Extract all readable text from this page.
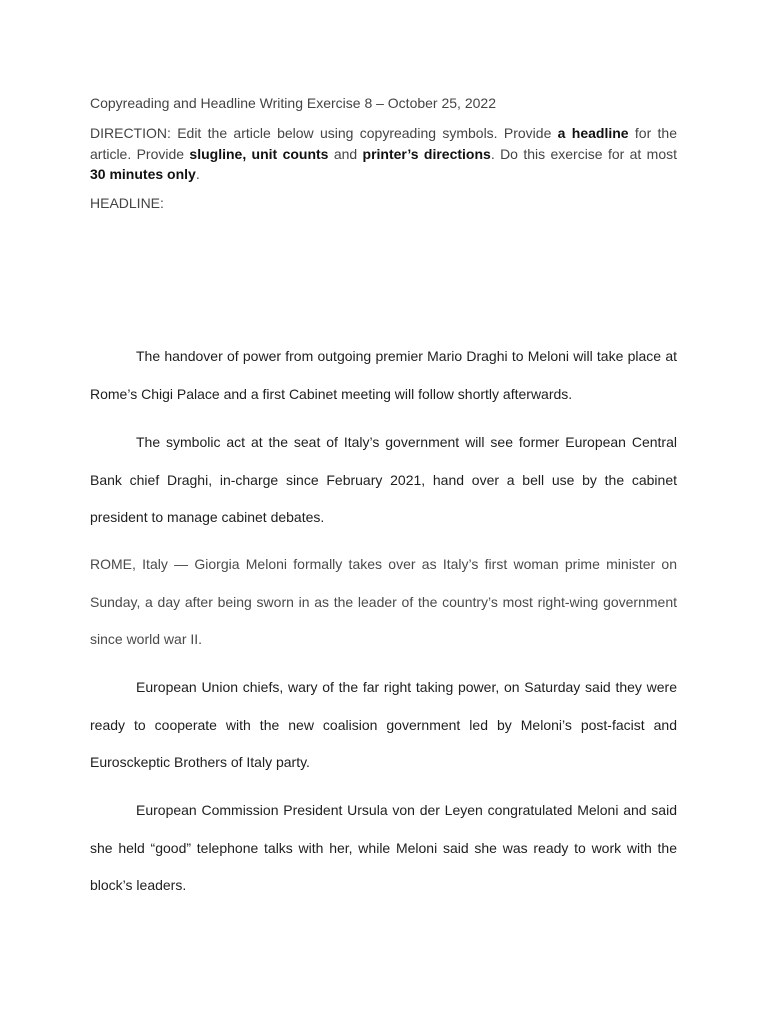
Copyreading and Headline Writing Exercise 8 – October 25, 2022

DIRECTION: Edit the article below using copyreading symbols. Provide a headline for the article. Provide slugline, unit counts and printer’s directions. Do this exercise for at most 30 minutes only.

HEADLINE:

The handover of power from outgoing premier Mario Draghi to Meloni will take place at Rome’s Chigi Palace and a first Cabinet meeting will follow shortly afterwards.

The symbolic act at the seat of Italy’s government will see former European Central Bank chief Draghi, in-charge since February 2021, hand over a bell use by the cabinet president to manage cabinet debates.

ROME, Italy — Giorgia Meloni formally takes over as Italy’s first woman prime minister on Sunday, a day after being sworn in as the leader of the country’s most right-wing government since world war II.

European Union chiefs, wary of the far right taking power, on Saturday said they were ready to cooperate with the new coalision government led by Meloni’s post-facist and Eurosckeptic Brothers of Italy party.

European Commission President Ursula von der Leyen congratulated Meloni and said she held “good” telephone talks with her, while Meloni said she was ready to work with the block’s leaders.
